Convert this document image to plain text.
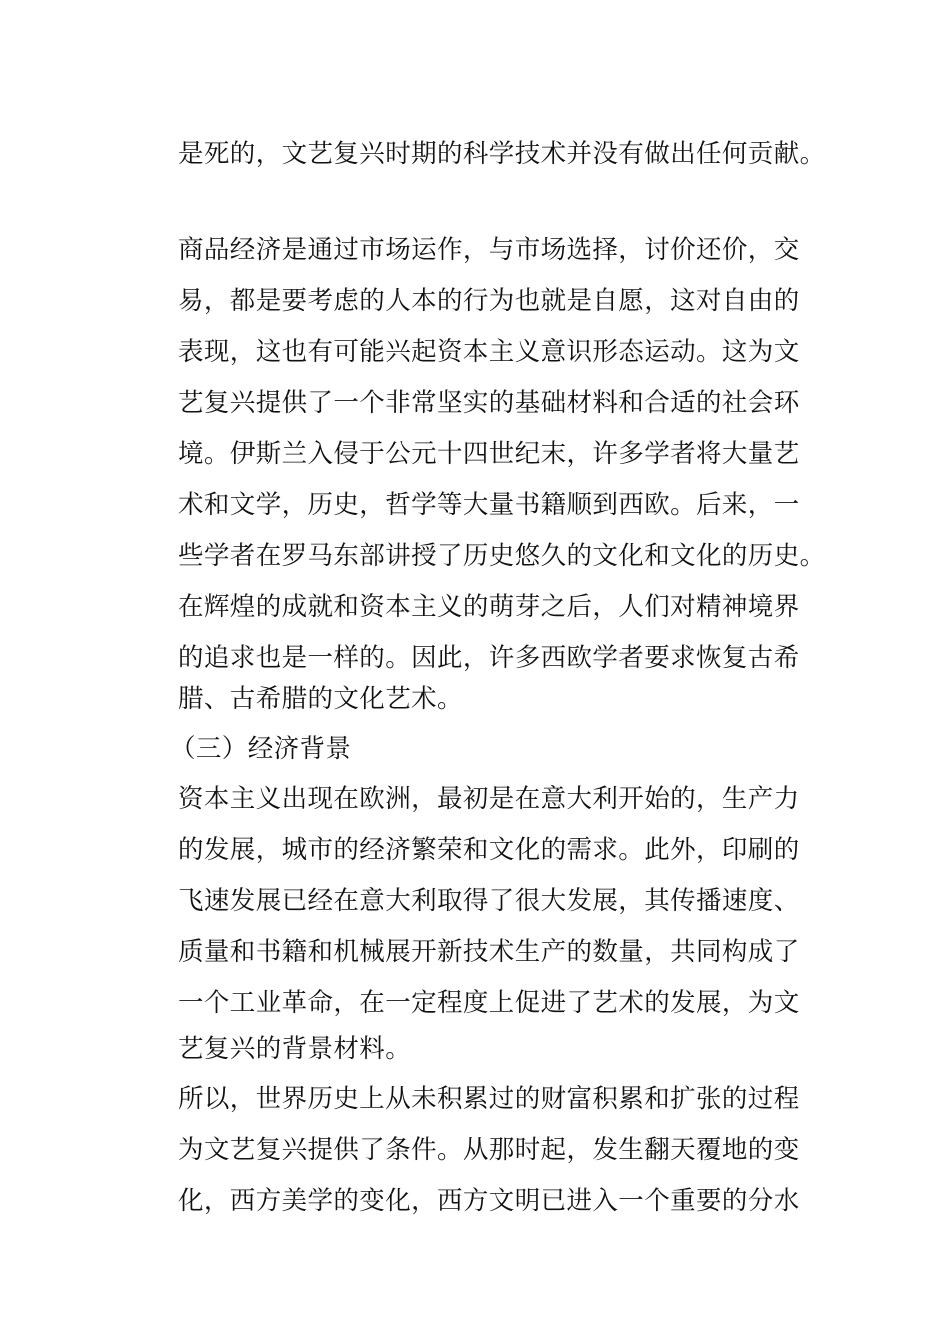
是死的，文艺复兴时期的科学技术并没有做出任何贡献。
商品经济是通过市场运作，与市场选择，讨价还价，交
易，都是要考虑的人本的行为也就是自愿，这对自由的
表现，这也有可能兴起资本主义意识形态运动。这为文
艺复兴提供了一个非常坚实的基础材料和合适的社会环
境。伊斯兰入侵于公元十四世纪末，许多学者将大量艺
术和文学，历史，哲学等大量书籍顺到西欧。后来，一
些学者在罗马东部讲授了历史悠久的文化和文化的历史。
在辉煌的成就和资本主义的萌芽之后，人们对精神境界
的追求也是一样的。因此，许多西欧学者要求恢复古希
腊、古希腊的文化艺术。
（三）经济背景
资本主义出现在欧洲，最初是在意大利开始的，生产力
的发展，城市的经济繁荣和文化的需求。此外，印刷的
飞速发展已经在意大利取得了很大发展，其传播速度、
质量和书籍和机械展开新技术生产的数量，共同构成了
一个工业革命，在一定程度上促进了艺术的发展，为文
艺复兴的背景材料。
所以，世界历史上从未积累过的财富积累和扩张的过程
为文艺复兴提供了条件。从那时起，发生翻天覆地的变
化，西方美学的变化，西方文明已进入一个重要的分水
